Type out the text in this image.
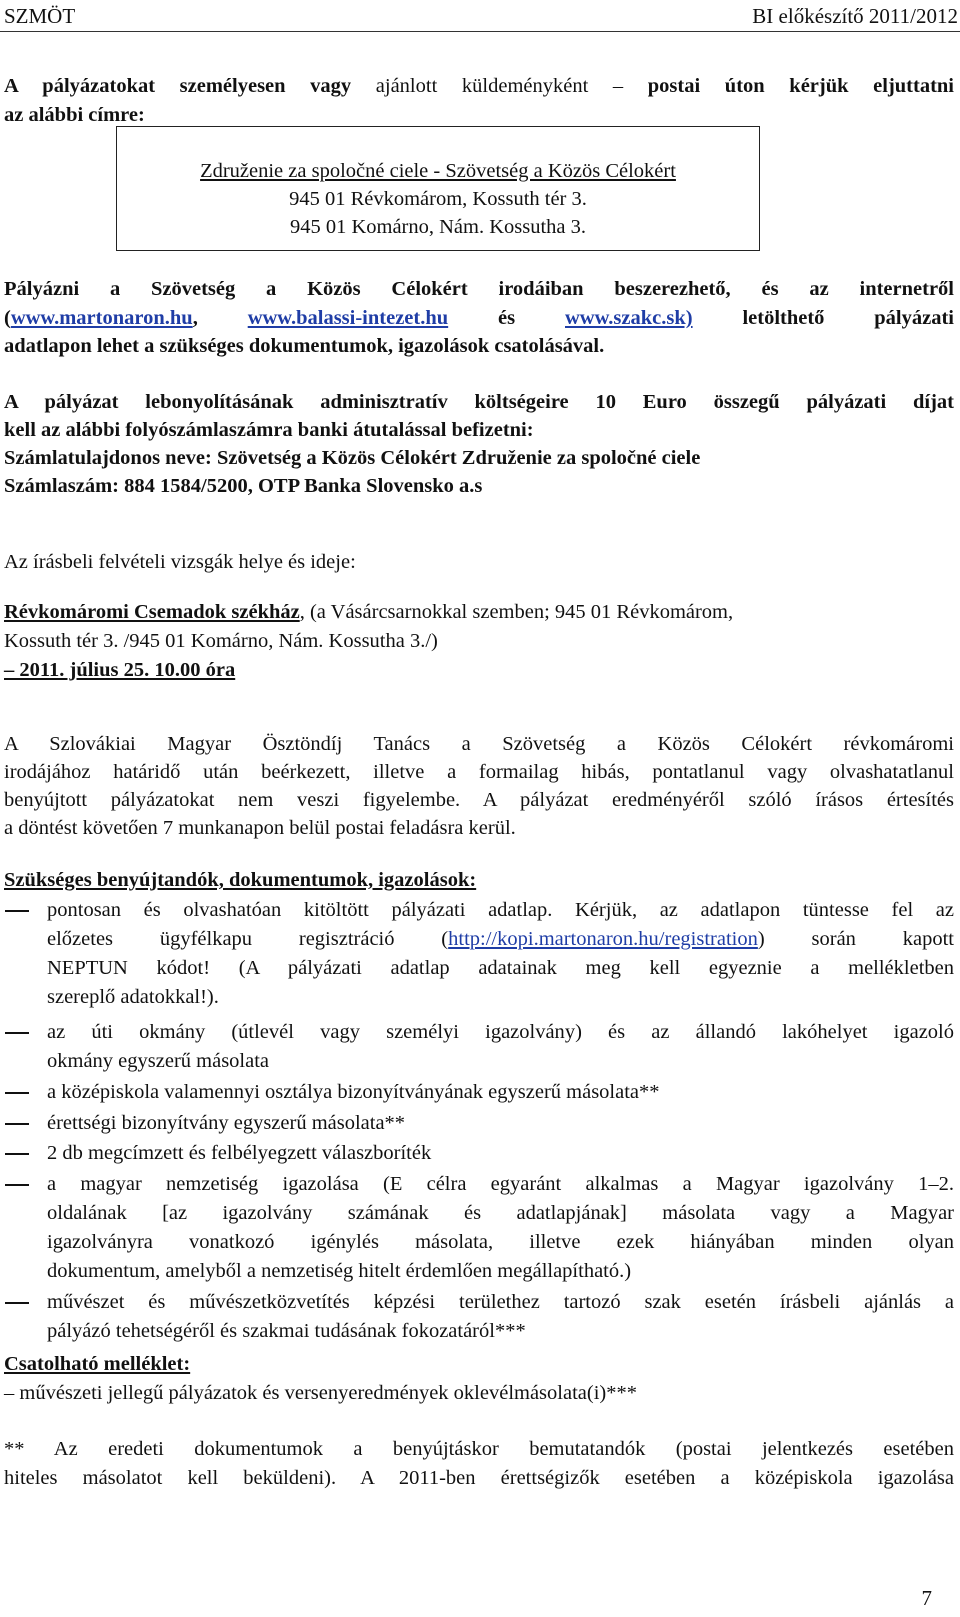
SZMÖT	BI előkészítő 2011/2012
A pályázatokat személyesen vagy ajánlott küldeményként – postai úton kérjük eljuttatni
az alábbi címre:
Združenie za spoločné ciele - Szövetség a Közös Célokért
945 01 Révkomárom, Kossuth tér 3.
945 01 Komárno, Nám. Kossutha 3.
Pályázni a Szövetség a Közös Célokért irodáiban beszerezhető, és az internetről
(www.martonaron.hu, www.balassi-intezet.hu és www.szakc.sk) letölthető pályázati
adatlapon lehet a szükséges dokumentumok, igazolások csatolásával.
A pályázat lebonyolításának adminisztratív költségeire 10 Euro összegű pályázati díjat
kell az alábbi folyószámlaszámra banki átutalással befizetni:
Számlatulajdonos neve: Szövetség a Közös Célokért Združenie za spoločné ciele
Számlaszám: 884 1584/5200, OTP Banka Slovensko a.s
Az írásbeli felvételi vizsgák helye és ideje:
Révkomáromi Csemadok székház, (a Vásárcsarnokkal szemben; 945 01 Révkomárom,
Kossuth tér 3. /945 01 Komárno, Nám. Kossutha 3./)
– 2011. július 25. 10.00 óra
A Szlovákiai Magyar Ösztöndíj Tanács a Szövetség a Közös Célokért révkomáromi
irodájához határidő után beérkezett, illetve a formailag hibás, pontatlanul vagy olvashatatlanul
benyújtott pályázatokat nem veszi figyelembe. A pályázat eredményéről szóló írásos értesítés
a döntést követően 7 munkanapon belül postai feladásra kerül.
Szükséges benyújtandók, dokumentumok, igazolások:
pontosan és olvashatóan kitöltött pályázati adatlap. Kérjük, az adatlapon tüntesse fel az
előzetes ügyfélkapu regisztráció (http://kopi.martonaron.hu/registration) során kapott
NEPTUN kódot! (A pályázati adatlap adatainak meg kell egyeznie a mellékletben
szereplő adatokkal!).
az úti okmány (útlevél vagy személyi igazolvány) és az állandó lakóhelyet igazoló
okmány egyszerű másolata
a középiskola valamennyi osztálya bizonyítványának egyszerű másolata**
érettségi bizonyítvány egyszerű másolata**
2 db megcímzett és felbélyegzett válaszboríték
a magyar nemzetiség igazolása (E célra egyaránt alkalmas a Magyar igazolvány 1–2.
oldalának [az igazolvány számának és adatlapjának] másolata vagy a Magyar
igazolványra vonatkozó igénylés másolata, illetve ezek hiányában minden olyan
dokumentum, amelyből a nemzetiség hitelt érdemlően megállapítható.)
művészet és művészetközvetítés képzési területhez tartozó szak esetén írásbeli ajánlás a
pályázó tehetségéről és szakmai tudásának fokozatáról***
Csatolható melléklet:
– művészeti jellegű pályázatok és versenyeredmények oklevélmásolata(i)***
** Az eredeti dokumentumok a benyújtáskor bemutatandók (postai jelentkezés esetében
hiteles másolatot kell beküldeni). A 2011-ben érettségizők esetében a középiskola igazolása
7
